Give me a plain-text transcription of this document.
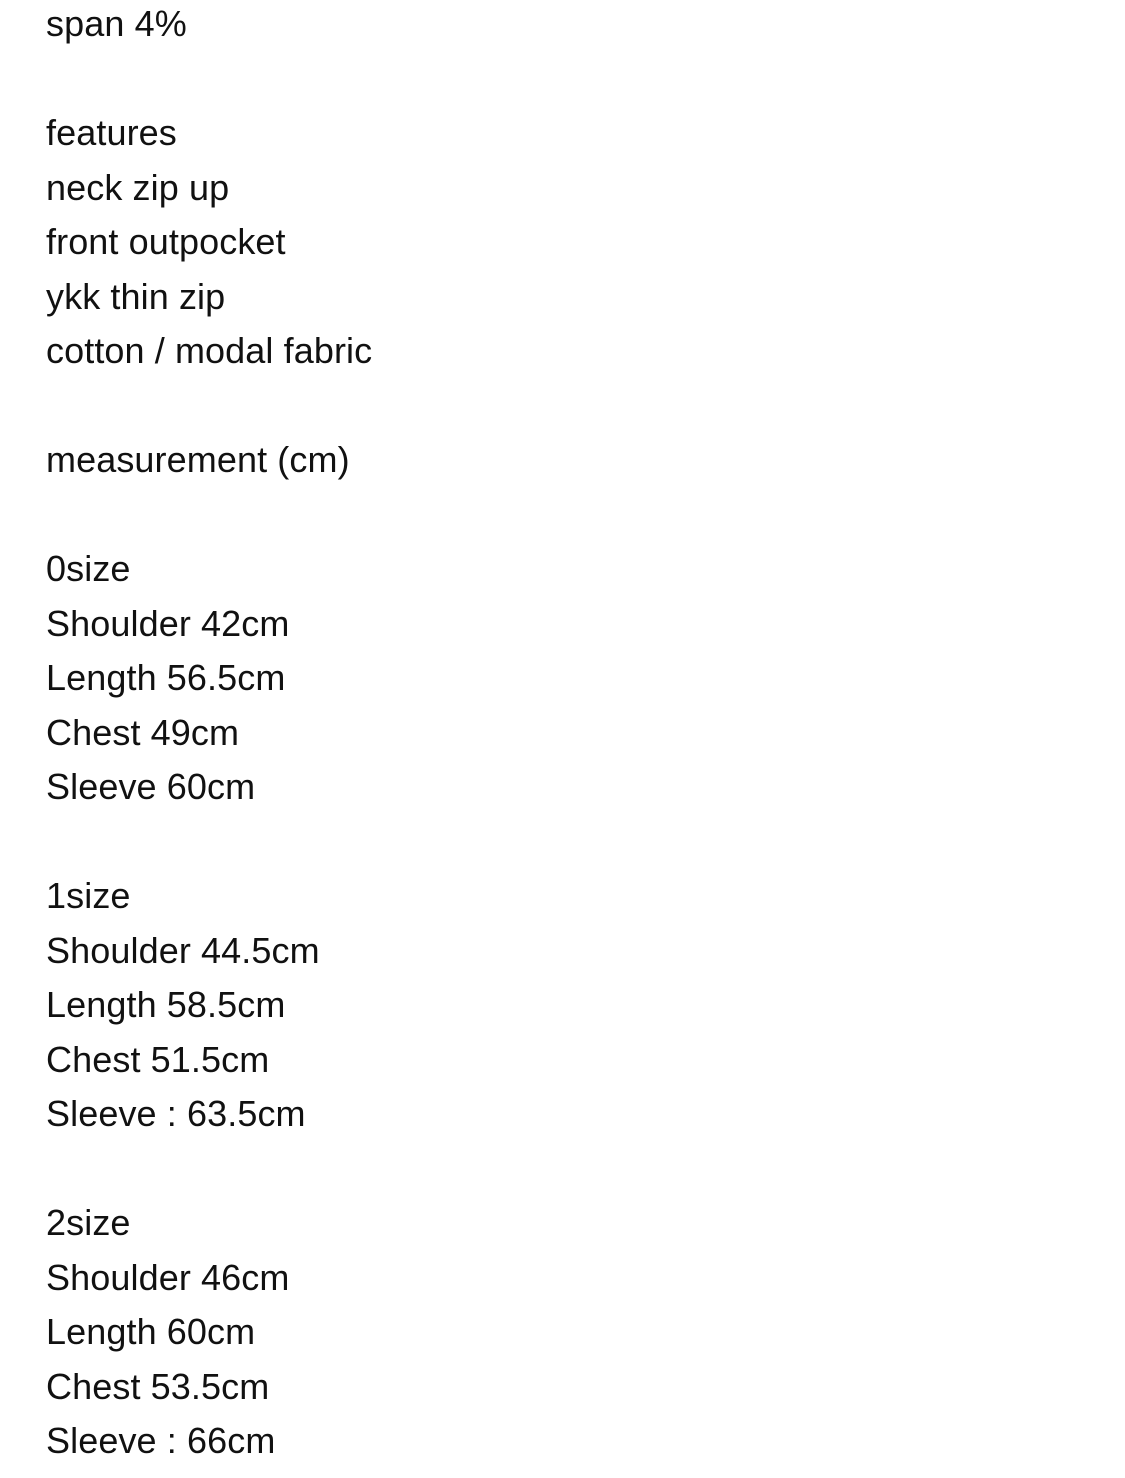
span 4%
features
neck zip up
front outpocket
ykk thin zip
cotton / modal fabric
measurement (cm)
0size
Shoulder 42cm
Length 56.5cm
Chest 49cm
Sleeve 60cm
1size
Shoulder 44.5cm
Length 58.5cm
Chest 51.5cm
Sleeve : 63.5cm
2size
Shoulder 46cm
Length 60cm
Chest 53.5cm
Sleeve : 66cm
